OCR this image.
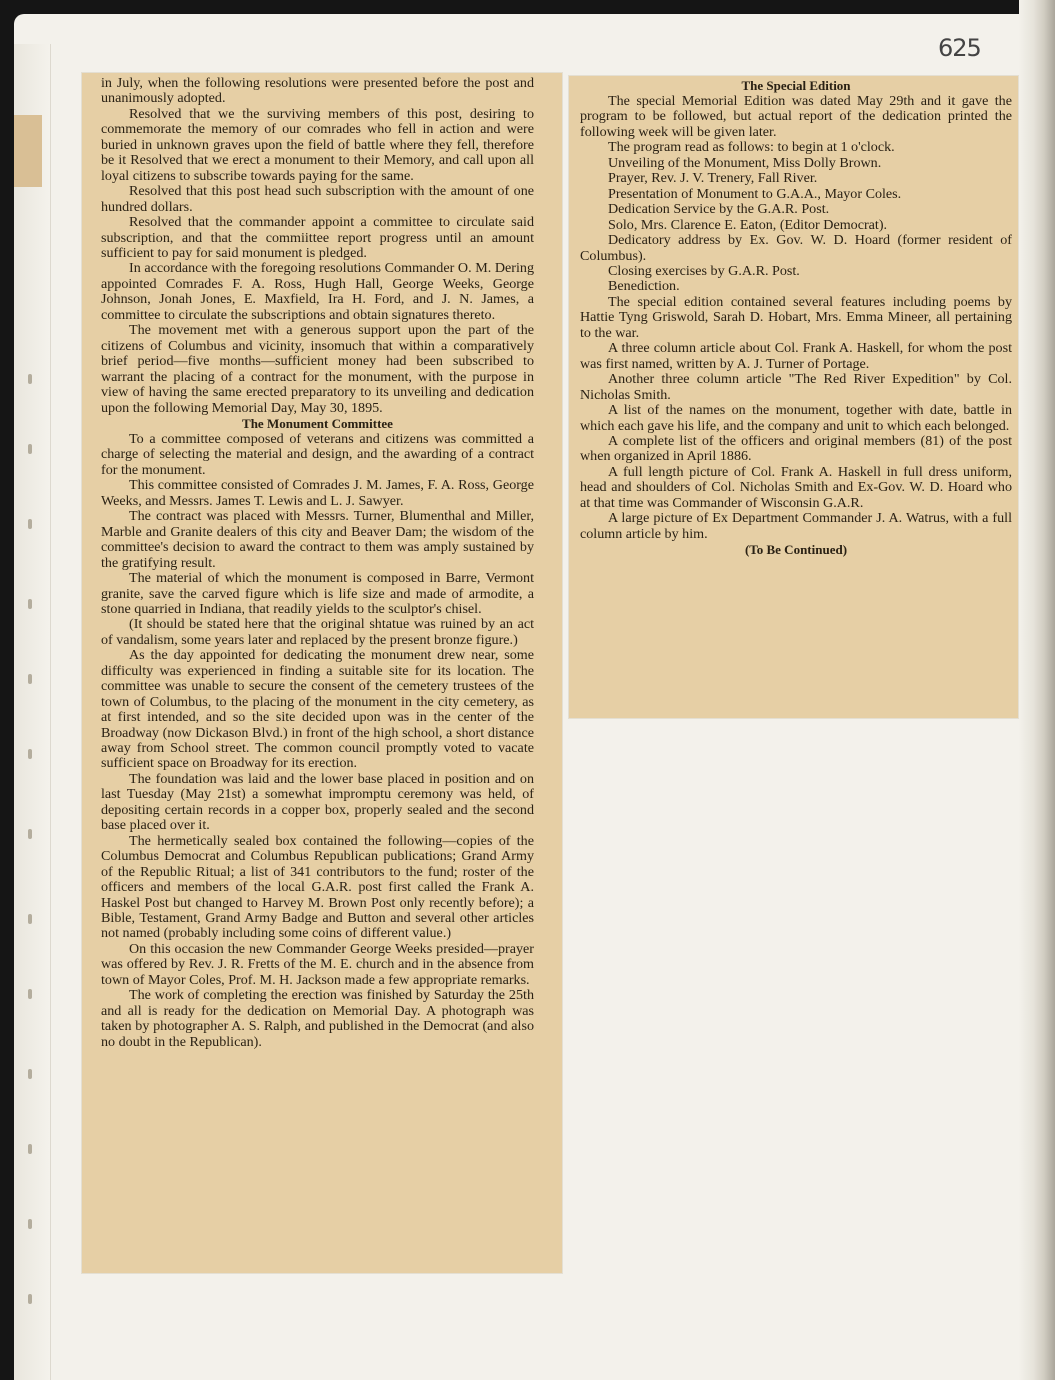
625

in July, when the following resolutions were presented before the post and unanimously adopted.

Resolved that we the surviving members of this post, desiring to commemorate the memory of our comrades who fell in action and were buried in unknown graves upon the field of battle where they fell, therefore be it Resolved that we erect a monument to their Memory, and call upon all loyal citizens to subscribe towards paying for the same.

Resolved that this post head such subscription with the amount of one hundred dollars.

Resolved that the commander appoint a committee to circulate said subscription, and that the commiittee report progress until an amount sufficient to pay for said monument is pledged.

In accordance with the foregoing resolutions Commander O. M. Dering appointed Comrades F. A. Ross, Hugh Hall, George Weeks, George Johnson, Jonah Jones, E. Maxfield, Ira H. Ford, and J. N. James, a committee to circulate the subscriptions and obtain signatures thereto.

The movement met with a generous support upon the part of the citizens of Columbus and vicinity, insomuch that within a comparatively brief period—five months—sufficient money had been subscribed to warrant the placing of a contract for the monument, with the purpose in view of having the same erected preparatory to its unveiling and dedication upon the following Memorial Day, May 30, 1895.

The Monument Committee

To a committee composed of veterans and citizens was committed a charge of selecting the material and design, and the awarding of a contract for the monument.

This committee consisted of Comrades J. M. James, F. A. Ross, George Weeks, and Messrs. James T. Lewis and L. J. Sawyer.

The contract was placed with Messrs. Turner, Blumenthal and Miller, Marble and Granite dealers of this city and Beaver Dam; the wisdom of the committee's decision to award the contract to them was amply sustained by the gratifying result.

The material of which the monument is composed in Barre, Vermont granite, save the carved figure which is life size and made of armodite, a stone quarried in Indiana, that readily yields to the sculptor's chisel.

(It should be stated here that the original shtatue was ruined by an act of vandalism, some years later and replaced by the present bronze figure.)

As the day appointed for dedicating the monument drew near, some difficulty was experienced in finding a suitable site for its location. The committee was unable to secure the consent of the cemetery trustees of the town of Columbus, to the placing of the monument in the city cemetery, as at first intended, and so the site decided upon was in the center of the Broadway (now Dickason Blvd.) in front of the high school, a short distance away from School street. The common council promptly voted to vacate sufficient space on Broadway for its erection.

The foundation was laid and the lower base placed in position and on last Tuesday (May 21st) a somewhat impromptu ceremony was held, of depositing certain records in a copper box, properly sealed and the second base placed over it.

The hermetically sealed box contained the following—copies of the Columbus Democrat and Columbus Republican publications; Grand Army of the Republic Ritual; a list of 341 contributors to the fund; roster of the officers and members of the local G.A.R. post first called the Frank A. Haskel Post but changed to Harvey M. Brown Post only recently before); a Bible, Testament, Grand Army Badge and Button and several other articles not named (probably including some coins of different value.)

On this occasion the new Commander George Weeks presided—prayer was offered by Rev. J. R. Fretts of the M. E. church and in the absence from town of Mayor Coles, Prof. M. H. Jackson made a few appropriate remarks.

The work of completing the erection was finished by Saturday the 25th and all is ready for the dedication on Memorial Day. A photograph was taken by photographer A. S. Ralph, and published in the Democrat (and also no doubt in the Republican).

The Special Edition

The special Memorial Edition was dated May 29th and it gave the program to be followed, but actual report of the dedication printed the following week will be given later.

The program read as follows: to begin at 1 o'clock.

Unveiling of the Monument, Miss Dolly Brown.

Prayer, Rev. J. V. Trenery, Fall River.

Presentation of Monument to G.A.A., Mayor Coles.

Dedication Service by the G.A.R. Post.

Solo, Mrs. Clarence E. Eaton, (Editor Democrat).

Dedicatory address by Ex. Gov. W. D. Hoard (former resident of Columbus).

Closing exercises by G.A.R. Post.

Benediction.

The special edition contained several features including poems by Hattie Tyng Griswold, Sarah D. Hobart, Mrs. Emma Mineer, all pertaining to the war.

A three column article about Col. Frank A. Haskell, for whom the post was first named, written by A. J. Turner of Portage.

Another three column article "The Red River Expedition" by Col. Nicholas Smith.

A list of the names on the monument, together with date, battle in which each gave his life, and the company and unit to which each belonged.

A complete list of the officers and original members (81) of the post when organized in April 1886.

A full length picture of Col. Frank A. Haskell in full dress uniform, head and shoulders of Col. Nicholas Smith and Ex-Gov. W. D. Hoard who at that time was Commander of Wisconsin G.A.R.

A large picture of Ex Department Commander J. A. Watrus, with a full column article by him.

(To Be Continued)
